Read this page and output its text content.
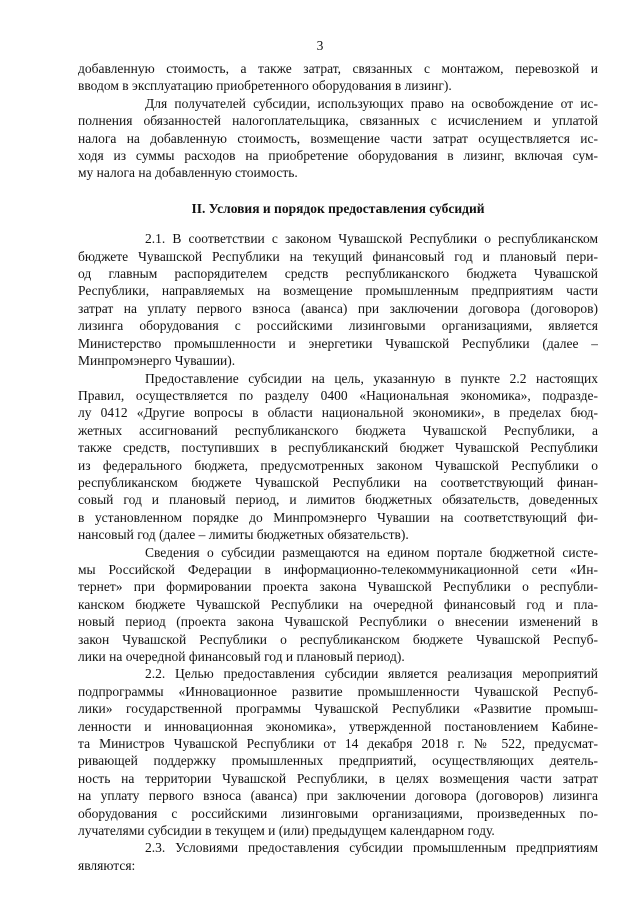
3

добавленную стоимость, а также затрат, связанных с монтажом, перевозкой и
вводом в эксплуатацию приобретенного оборудования в лизинг).

Для получателей субсидии, использующих право на освобождение от ис-
полнения обязанностей налогоплательщика, связанных с исчислением и уплатой
налога на добавленную стоимость, возмещение части затрат осуществляется ис-
ходя из суммы расходов на приобретение оборудования в лизинг, включая сум-
му налога на добавленную стоимость.

II. Условия и порядок предоставления субсидий

2.1. В соответствии с законом Чувашской Республики о республиканском
бюджете Чувашской Республики на текущий финансовый год и плановый пери-
од главным распорядителем средств республиканского бюджета Чувашской
Республики, направляемых на возмещение промышленным предприятиям части
затрат на уплату первого взноса (аванса) при заключении договора (договоров)
лизинга оборудования с российскими лизинговыми организациями, является
Министерство промышленности и энергетики Чувашской Республики (далее –
Минпромэнерго Чувашии).

Предоставление субсидии на цель, указанную в пункте 2.2 настоящих
Правил, осуществляется по разделу 0400 «Национальная экономика», подразде-
лу 0412 «Другие вопросы в области национальной экономики», в пределах бюд-
жетных ассигнований республиканского бюджета Чувашской Республики, а
также средств, поступивших в республиканский бюджет Чувашской Республики
из федерального бюджета, предусмотренных законом Чувашской Республики о
республиканском бюджете Чувашской Республики на соответствующий финан-
совый год и плановый период, и лимитов бюджетных обязательств, доведенных
в установленном порядке до Минпромэнерго Чувашии на соответствующий фи-
нансовый год (далее – лимиты бюджетных обязательств).

Сведения о субсидии размещаются на едином портале бюджетной систе-
мы Российской Федерации в информационно-телекоммуникационной сети «Ин-
тернет» при формировании проекта закона Чувашской Республики о республи-
канском бюджете Чувашской Республики на очередной финансовый год и пла-
новый период (проекта закона Чувашской Республики о внесении изменений в
закон Чувашской Республики о республиканском бюджете Чувашской Респуб-
лики на очередной финансовый год и плановый период).

2.2. Целью предоставления субсидии является реализация мероприятий
подпрограммы «Инновационное развитие промышленности Чувашской Респуб-
лики» государственной программы Чувашской Республики «Развитие промыш-
ленности и инновационная экономика», утвержденной постановлением Кабине-
та Министров Чувашской Республики от 14 декабря 2018 г. № 522, предусмат-
ривающей поддержку промышленных предприятий, осуществляющих деятель-
ность на территории Чувашской Республики, в целях возмещения части затрат
на уплату первого взноса (аванса) при заключении договора (договоров) лизинга
оборудования с российскими лизинговыми организациями, произведенных по-
лучателями субсидии в текущем и (или) предыдущем календарном году.

2.3. Условиями предоставления субсидии промышленным предприятиям
являются:
